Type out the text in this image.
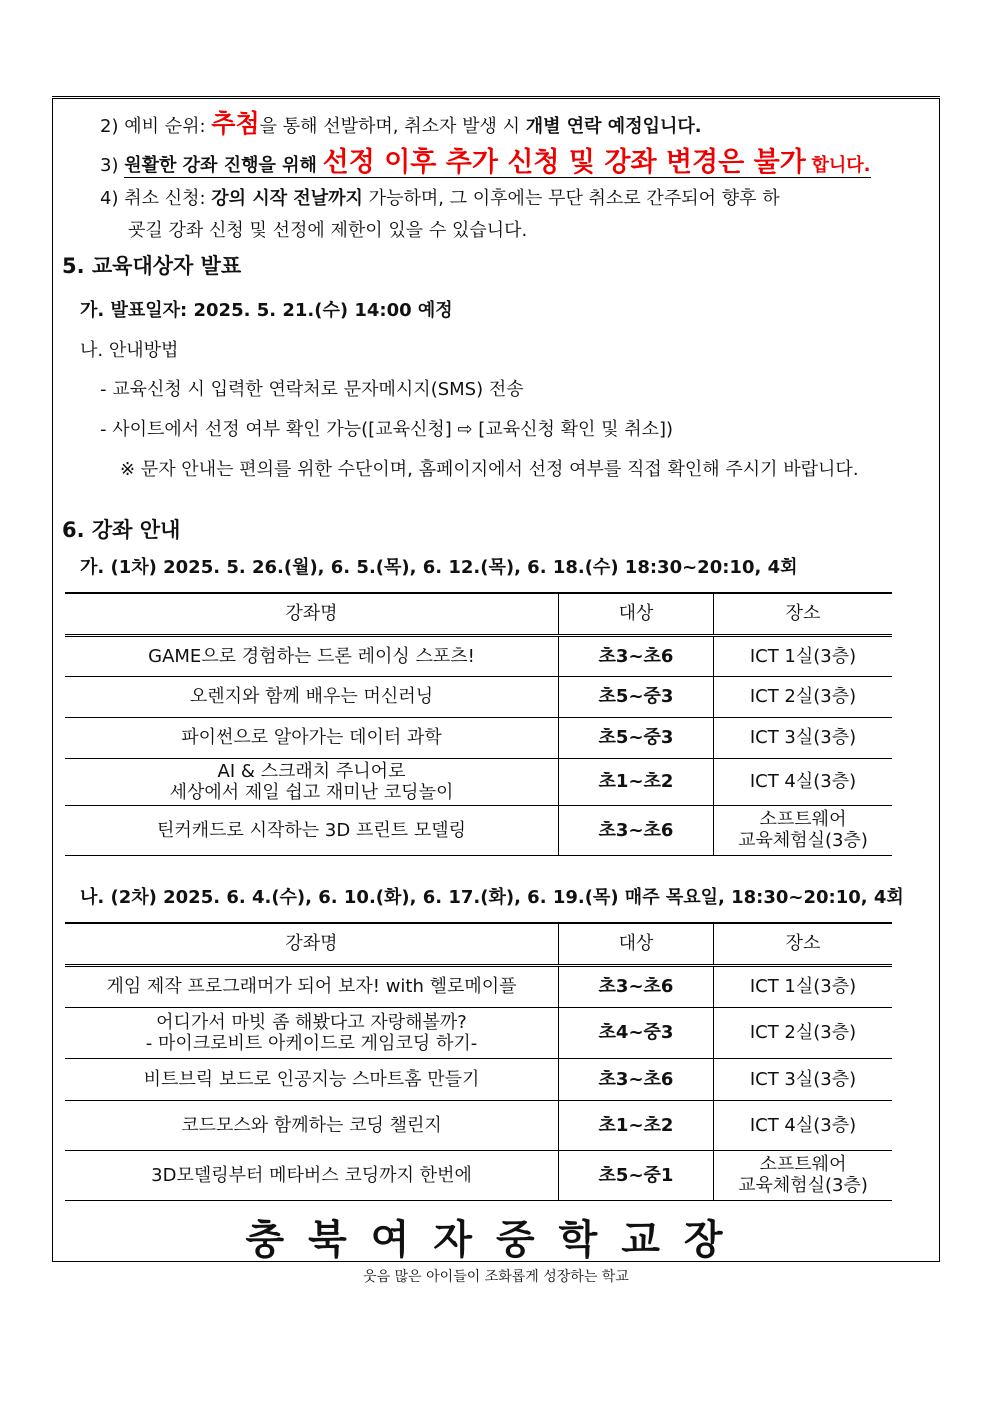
2) 예비 순위: 추첨을 통해 선발하며, 취소자 발생 시 개별 연락 예정입니다.
3) 원활한 강좌 진행을 위해 선정 이후 추가 신청 및 강좌 변경은 불가 합니다.
4) 취소 신청: 강의 시작 전날까지 가능하며, 그 이후에는 무단 취소로 간주되어 향후 하
굣길 강좌 신청 및 선정에 제한이 있을 수 있습니다.
5. 교육대상자 발표
가. 발표일자: 2025. 5. 21.(수) 14:00 예정
나. 안내방법
- 교육신청 시 입력한 연락처로 문자메시지(SMS) 전송
- 사이트에서 선정 여부 확인 가능([교육신청] ⇨ [교육신청 확인 및 취소])
※ 문자 안내는 편의를 위한 수단이며, 홈페이지에서 선정 여부를 직접 확인해 주시기 바랍니다.
6. 강좌 안내
가. (1차) 2025. 5. 26.(월), 6. 5.(목), 6. 12.(목), 6. 18.(수) 18:30~20:10, 4회
강좌명	대상	장소
GAME으로 경험하는 드론 레이싱 스포츠!	초3~초6	ICT 1실(3층)
오렌지와 함께 배우는 머신러닝	초5~중3	ICT 2실(3층)
파이썬으로 알아가는 데이터 과학	초5~중3	ICT 3실(3층)

AI & 스크래치 주니어로
세상에서 제일 쉽고 재미난 코딩놀이	초1~초2	ICT 4실(3층)
틴커캐드로 시작하는 3D 프린트 모델링	초3~초6	소프트웨어
교육체험실(3층)
나. (2차) 2025. 6. 4.(수), 6. 10.(화), 6. 17.(화), 6. 19.(목) 매주 목요일, 18:30~20:10, 4회
강좌명	대상	장소
게임 제작 프로그래머가 되어 보자! with 헬로메이플	초3~초6	ICT 1실(3층)

어디가서 마빗 좀 해봤다고 자랑해볼까?
- 마이크로비트 아케이드로 게임코딩 하기-	초4~중3	ICT 2실(3층)
비트브릭 보드로 인공지능 스마트홈 만들기	초3~초6	ICT 3실(3층)
코드모스와 함께하는 코딩 챌린지	초1~초2	ICT 4실(3층)
3D모델링부터 메타버스 코딩까지 한번에	초5~중1	소프트웨어
교육체험실(3층)
충북여자중학교장
웃음 많은 아이들이 조화롭게 성장하는 학교
